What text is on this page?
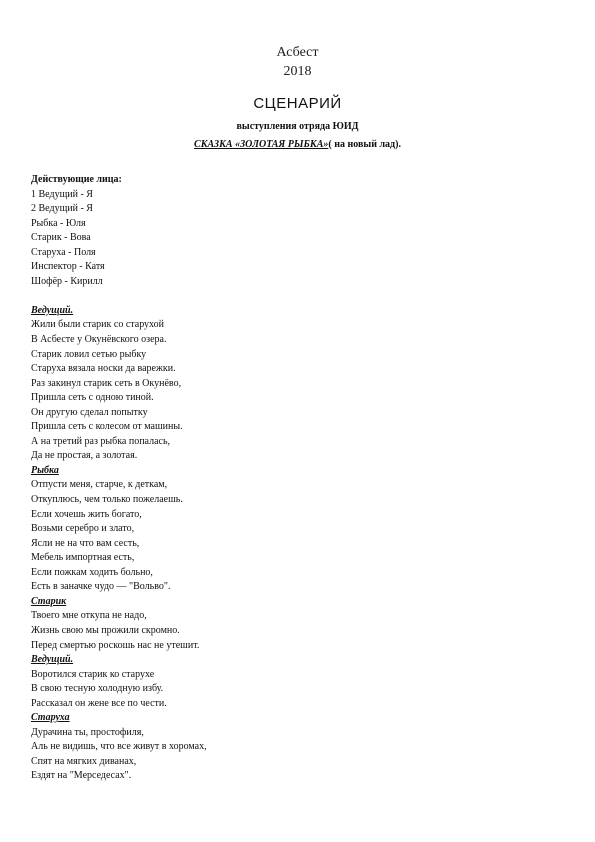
Асбест
2018
СЦЕНАРИЙ
выступления отряда ЮИД
СКАЗКА «ЗОЛОТАЯ РЫБКА»( на новый лад).
Действующие лица:
1 Ведущий - Я
2 Ведущий - Я
Рыбка - Юля
Старик - Вова
Старуха - Поля
Инспектор - Катя
Шофёр - Кирилл
Ведущий.
Жили были старик со старухой
В Асбесте у Окунёвского озера.
Старик ловил сетью рыбку
Старуха вязала носки да варежки.
Раз закинул старик сеть в Окунёво,
Пришла сеть с одною тиной.
Он другую сделал попытку
Пришла сеть с колесом от машины.
А на третий раз рыбка попалась,
Да не простая, а золотая.
Рыбка
Отпусти меня, старче, к деткам,
Откуплюсь, чем только пожелаешь.
Если хочешь жить богато,
Возьми серебро и злато,
Ясли не на что вам сесть,
Мебель импортная есть,
Если пожкам ходить больно,
Есть в заначке чудо — "Вольво".
Старик
Твоего мне откупа не надо,
Жизнь свою мы прожили скромно.
Перед смертью роскошь нас не утешит.
Ведущий.
Воротился старик ко старухе
В свою тесную холодную избу.
Рассказал он жене все по чести.
Старуха
Дурачина ты, простофиля,
Аль не видишь, что все живут в хоромах,
Спят на мягких диванах,
Ездят на "Мерседесах".
